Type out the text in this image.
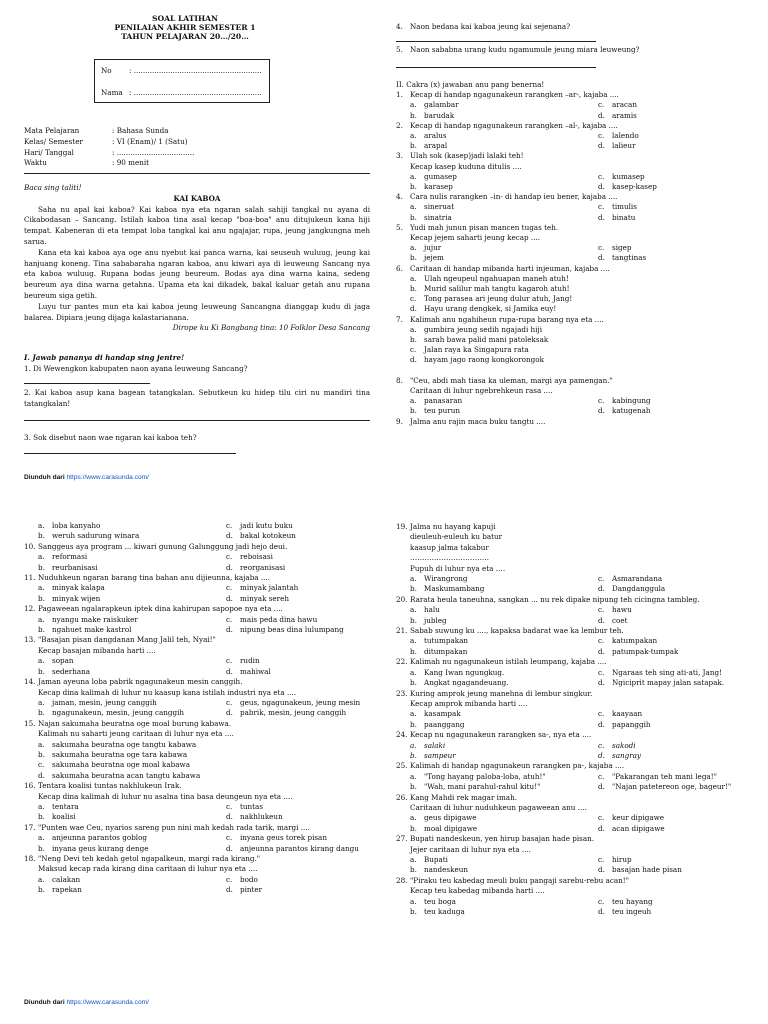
SOAL LATIHAN
PENILAIAN AKHIR SEMESTER 1
TAHUN PELAJARAN 20…/20…
No : ........................................................
Nama : ........................................................
Mata Pelajaran	: Bahasa Sunda
Kelas/ Semester	: VI (Enam)/ 1 (Satu)
Hari/ Tanggal	: ..................................
Waktu	: 90 menit

Baca sing taliti!

KAI KABOA

Saha nu apal kai kaboa? Kai kaboa nya eta ngaran salah sahiji tangkal nu ayana di Cikabodasan – Sancang. Istilah kaboa tina asal kecap "boa-boa" anu ditujukeun kana hiji tempat. Kabeneran di eta tempat loba tangkal kai anu ngajajar, rupa, jeung jangkungna meh sarua.

Kana eta kai kaboa aya oge anu nyebut kai panca warna, kai seuseuh wuluug, jeung kai hanjuang koneng. Tina sababaraha ngaran kaboa, anu kiwari aya di leuweung Sancang nya eta kaboa wuluug. Rupana bodas jeung beureum. Bodas aya dina warna kaina, sedeng beureum aya dina warna getahna. Upama eta kai dikadek, bakal kaluar getah anu rupana beureum siga getih.

Luyu tur pantes mun eta kai kaboa jeung leuweung Sancangna dianggap kudu di jaga balarea. Dipiara jeung dijaga kalastarianana.

Dirope ku Ki Bangbang tina: 10 Folklor Desa Sancang

I. Jawab pananya di handap sing jentre!

1. Di Wewengkon kabupaten naon ayana leuweung Sancang?

2. Kai kaboa asup kana bagean tatangkalan. Sebutkeun ku hidep tilu ciri nu mandiri tina tatangkalan!

3. Sok disebut naon wae ngaran kai kaboa teh?

Diunduh dari https://www.carasunda.com/
4. Naon bedana kai kaboa jeung kai sejenana?
5. Naon sababna urang kudu ngamumule jeung miara leuweung?

II. Cakra (x) jawaban anu pang benerna!

1. Kecap di handap ngagunakeun rarangken –ar-, kajaba ....
a.	galambar	c.	aracan
b. barudak	d. aramis
2. Kecap di handap ngagunakeun rarangken –al-, kajaba ....
a.	aralus	c.	lalendo
b. arapal	d. lalieur
3. Ulah sok (kasep)jadi lalaki teh!

Kecap kasep kuduna ditulis ....

a.	gumasep	c.	kumasep
b. karasep	d. kasep-kasep
4. Cara nulis rarangken –in- di handap ieu bener, kajaba ....
a.	sineruat	c.	timulis
b. sinatria	d. binatu
5. Yudi mah junun pisan mancen tugas teh.

Kecap jejem saharti jeung kecap ....

a.	jujur	c.	sigep
b. jejem	d. tangtinas
6. Caritaan di handap mibanda harti injeuman, kajaba ....
a.	Ulah ngeupeul ngahuapan maneh atuh!
b. Murid salilur mah tangtu kagaroh atuh!
c.	Tong parasea ari jeung dulur atuh, Jang!
d. Hayu urang dengkek, si Jamika euy!
7. Kalimah anu ngahiheun rupa-rupa barang nya eta ....
a.	gumbira jeung sedih ngajadi hiji
b. sarah bawa palid mani patoleksak
c.	Jalan raya ka Singapura rata
d. hayam jago raong kongkorongok
8. "Ceu, abdi mah tiasa ka uleman, margi aya pamengan."

Caritaan di luhur ngebrehkeun rasa ....

a.	panasaran	c.	kabingung
b. teu purun	d. katugenah
9. Jalma anu rajin maca buku tangtu ....
a.	loba kanyaho	c.	jadi kutu buku
b. weruh sadurung winara	d. bakal kotokeun
10. Sanggeus aya program ... kiwari gunung Galunggung jadi hejo deui.
a.	reformasi	c.	reboisasi
b. reurbanisasi	d. reorganisasi
11. Nuduhkeun ngaran barang tina bahan anu dijieunna, kajaba ....
a.	minyak kalapa	c.	minyak jalantah
b. minyak wijen	d. minyak sereh
12. Pagaweean ngalarapkeun iptek dina kahirupan sapopoe nya eta ....
a.	nyangu make raiskuker	c.	mais peda dina hawu
b. ngahuet make kastrol	d. nipung beas dina lulumpang
13. "Basajan pisan dangdanan Mang Jalil teh, Nyai!"

Kecap basajan mibanda harti ....

a.	sopan	c.	rudin
b. sederhana	d. mahiwal
14. Jaman ayeuna loba pabrik ngagunakeun mesin canggih.

Kecap dina kalimah di luhur nu kaasup kana istilah industri nya eta ....

a.	jaman, mesin, jeung canggih	c.	geus, ngagunakeun, jeung mesin
b. ngagunakeun, mesin, jeung canggih	d. pabrik, mesin, jeung canggih
15. Najan sakumaha beuratna oge moal burung kabawa.

Kalimah nu saharti jeung caritaan di luhur nya eta ....

a.	sakumaha beuratna oge tangtu kabawa
b. sakumaha beuratna oge tara kabawa
c.	sakumaha beuratna oge moal kabawa
d. sakumaha beuratna acan tangtu kabawa
16. Tentara koalisi tuntas nakhlukeun Irak.

Kecap dina kalimah di luhur nu asalna tina basa deungeun nya eta ....

a.	tentara	c.	tuntas
b. koalisi	d. nakhlukeun
17. "Punten wae Ceu, nyarios sareng pun nini mah kedah rada tarik, margi ....
a.	anjeunna parantos goblog	c.	inyana geus torek pisan
b. inyana geus kurang denge	d. anjeunna parantos kirang dangu
18. "Neng Devi teh kedah getol ngapalkeun, margi rada kirang."

Maksud kecap rada kirang dina caritaan di luhur nya eta ....

a.	calakan	c.	bodo
b. rapekan	d. pinter
Diunduh dari https://www.carasunda.com/
19. Jalma nu hayang kapuji

dieuleuh-euleuh ku batur

kaasup jalma takabur

……………………………

Pupuh di luhur nya eta ….

a.	Wirangrong	c.	Asmarandana
b. Maskumambang	d. Dangdanggula
20. Rarata heula taneuhna, sangkan ... nu rek dipake nipung teh cicingna tambleg.
a.	halu	c.	hawu
b. jubleg	d. coet
21. Sabab suwung ku ...., kapaksa badarat wae ka lembur teh.
a.	tutumpakan	c.	katumpakan
b. ditumpakan	d. patumpak-tumpak
22. Kalimah nu ngagunakeun istilah leumpang, kajaba ....
a.	Kang Iwan ngungkug.	c.	Ngaraas teh sing ati-ati, Jang!
b. Angkat ngagandeuang.	d. Ngiciprit mapay jalan satapak.
23. Kuring amprok jeung manehna di lembur singkur.

Kecap amprok mibanda harti ....

a.	kasampak	c.	kaayaan
b. paanggang	d. papanggih
24. Kecap nu ngagunakeun rarangken sa-, nya eta ....
a.	salaki	c.	sakodi
b. sampeur	d. sangray
25. Kalimah di handap ngagunakeun rarangken pa-, kajaba ....
a.	"Tong hayang paloba-loba, atuh!"	c.	"Pakarangan teh mani lega!"
b. "Wah, mani parahul-rahul kitu!"	d. "Najan patetereon oge, bageur!"
26. Kang Mahdi rek magar imah.

Caritaan di luhur nuduhkeun pagaweean anu ....

a.	geus dipigawe	c.	keur dipigawe
b. moal dipigawe	d. acan dipigawe
27. Bupati nandeskeun, yen hirup basajan hade pisan.

Jejer caritaan di luhur nya eta ....

a.	Bupati	c.	hirup
b. nandeskeun	d. basajan hade pisan
28. "Piraku teu kabedag meuli buku pangaji sarebu-rebu acan!"

Kecap teu kabedag mibanda harti ....

a.	teu boga	c.	teu hayang
b. teu kaduga	d. teu ingeuh
